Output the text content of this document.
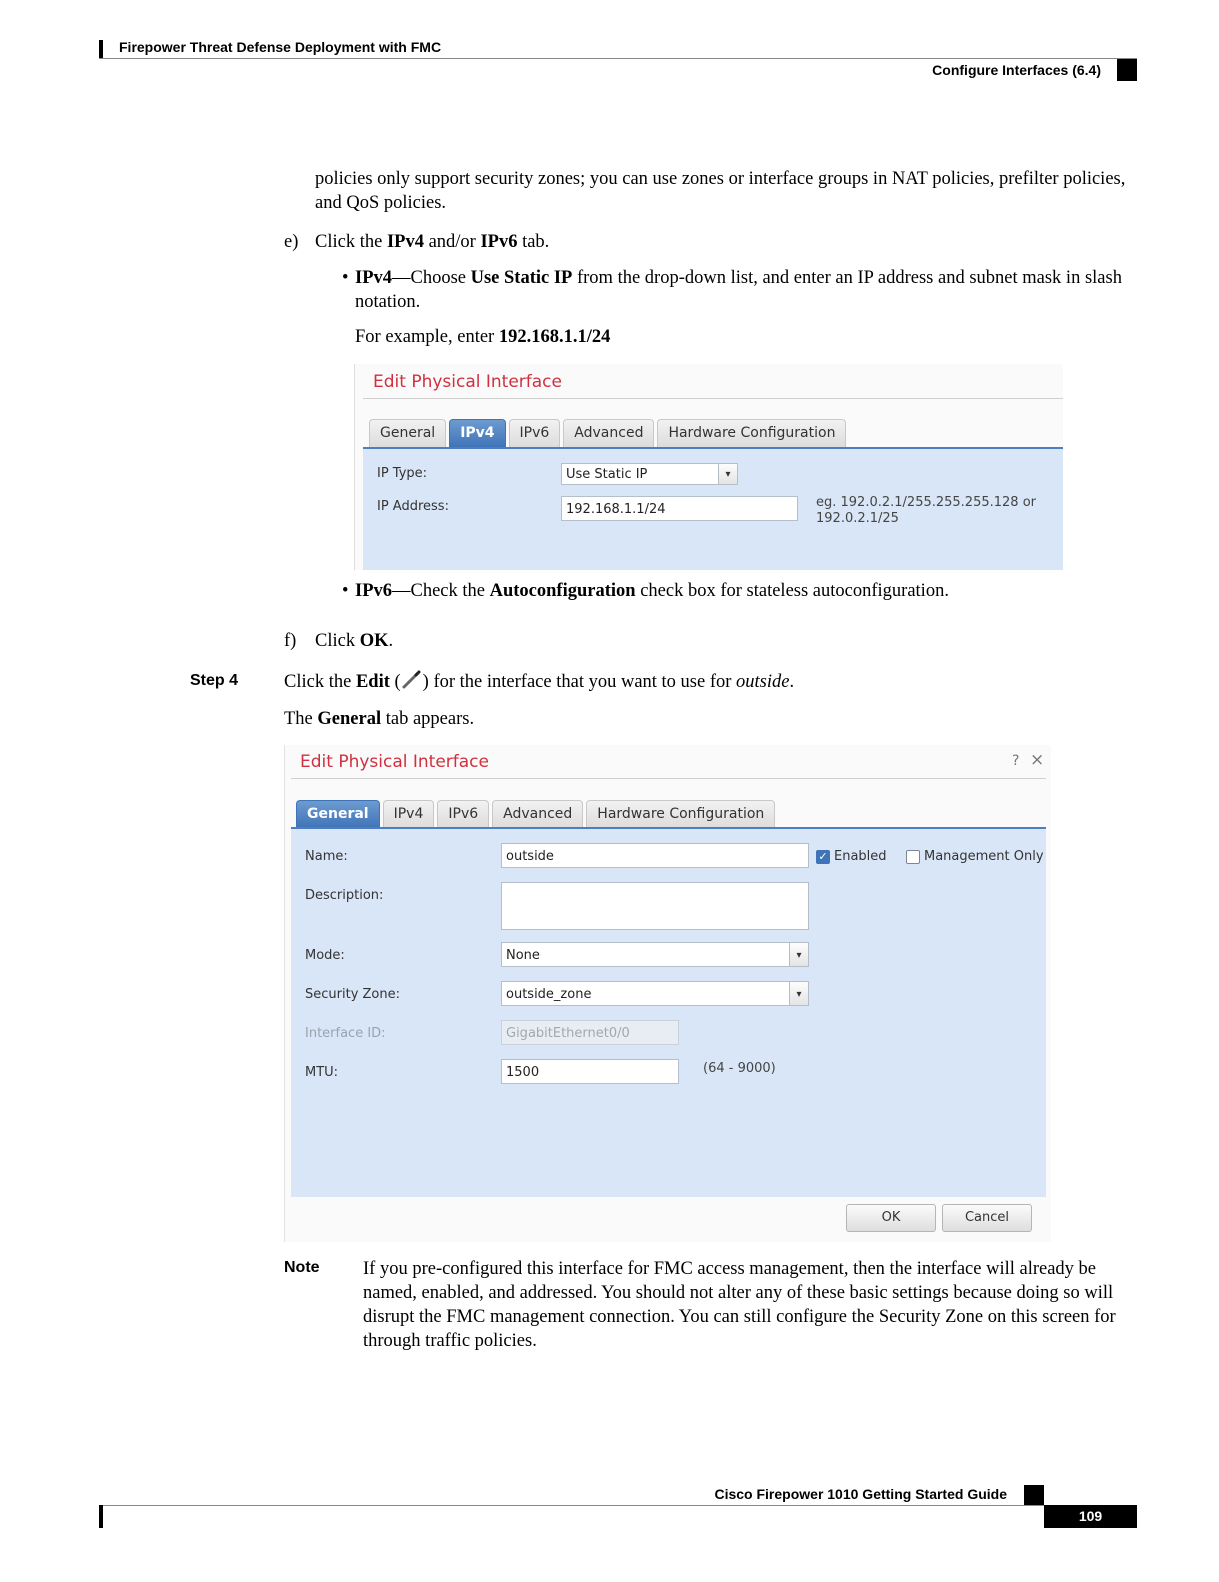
Firepower Threat Defense Deployment with FMC
Configure Interfaces (6.4)
policies only support security zones; you can use zones or interface groups in NAT policies, prefilter policies, and QoS policies.
e) Click the IPv4 and/or IPv6 tab.
• IPv4—Choose Use Static IP from the drop-down list, and enter an IP address and subnet mask in slash notation.
For example, enter 192.168.1.1/24
Edit Physical Interface
General	IPv4	IPv6	Advanced	Hardware Configuration
IP Type:	Use Static IP	▾
IP Address:	192.168.1.1/24	eg. 192.0.2.1/255.255.255.128 or
192.0.2.1/25
• IPv6—Check the Autoconfiguration check box for stateless autoconfiguration.
f) Click OK.
Step 4 Click the Edit ( ) for the interface that you want to use for outside.
The General tab appears.
Edit Physical Interface	? ×
General	IPv4	IPv6	Advanced	Hardware Configuration
Name:	outside	✓ Enabled	Management Only
Description:
Mode:	None	▾
Security Zone:	outside_zone	▾
Interface ID:	GigabitEthernet0/0
MTU:	1500	(64 - 9000)
OK	Cancel
Note If you pre-configured this interface for FMC access management, then the interface will already be named, enabled, and addressed. You should not alter any of these basic settings because doing so will disrupt the FMC management connection. You can still configure the Security Zone on this screen for through traffic policies.
Cisco Firepower 1010 Getting Started Guide
109
